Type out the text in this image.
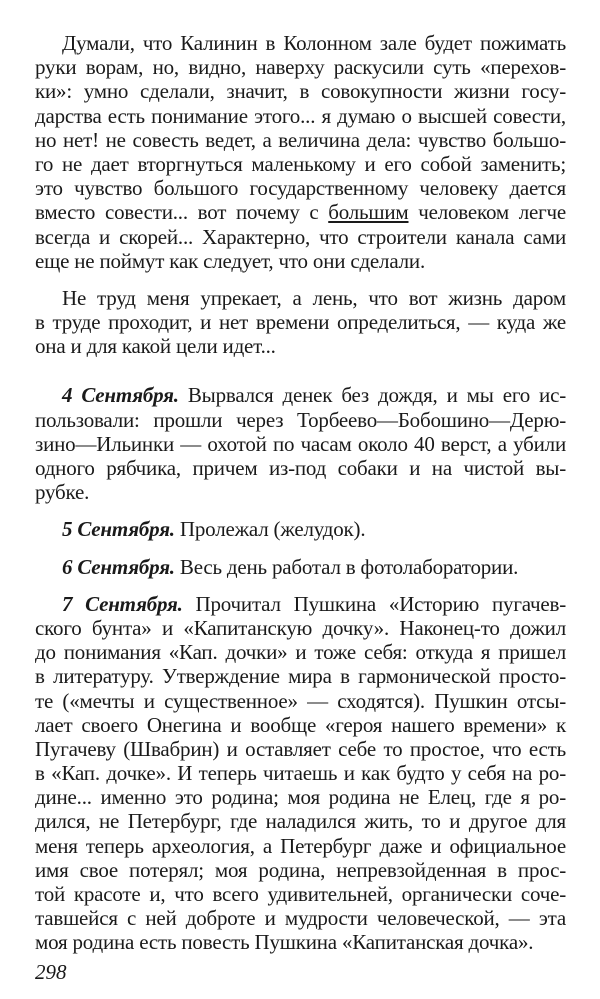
Думали, что Калинин в Колонном зале будет пожимать
руки ворам, но, видно, наверху раскусили суть «перехов-
ки»: умно сделали, значит, в совокупности жизни госу-
дарства есть понимание этого... я думаю о высшей совести,
но нет! не совесть ведет, а величина дела: чувство большо-
го не дает вторгнуться маленькому и его собой заменить;
это чувство большого государственному человеку дается
вместо совести... вот почему с большим человеком легче
всегда и скорей... Характерно, что строители канала сами
еще не поймут как следует, что они сделали.
Не труд меня упрекает, а лень, что вот жизнь даром
в труде проходит, и нет времени определиться, — куда же
она и для какой цели идет...
4 Сентября. Вырвался денек без дождя, и мы его ис-
пользовали: прошли через Торбеево—Бобошино—Дерю-
зино—Ильинки — охотой по часам около 40 верст, а убили
одного рябчика, причем из-под собаки и на чистой вы-
рубке.
5 Сентября. Пролежал (желудок).
6 Сентября. Весь день работал в фотолаборатории.
7 Сентября. Прочитал Пушкина «Историю пугачев-
ского бунта» и «Капитанскую дочку». Наконец-то дожил
до понимания «Кап. дочки» и тоже себя: откуда я пришел
в литературу. Утверждение мира в гармонической просто-
те («мечты и существенное» — сходятся). Пушкин отсы-
лает своего Онегина и вообще «героя нашего времени» к
Пугачеву (Швабрин) и оставляет себе то простое, что есть
в «Кап. дочке». И теперь читаешь и как будто у себя на ро-
дине... именно это родина; моя родина не Елец, где я ро-
дился, не Петербург, где наладился жить, то и другое для
меня теперь археология, а Петербург даже и официальное
имя свое потерял; моя родина, непревзойденная в прос-
той красоте и, что всего удивительней, органически соче-
тавшейся с ней доброте и мудрости человеческой, — эта
моя родина есть повесть Пушкина «Капитанская дочка».
298
